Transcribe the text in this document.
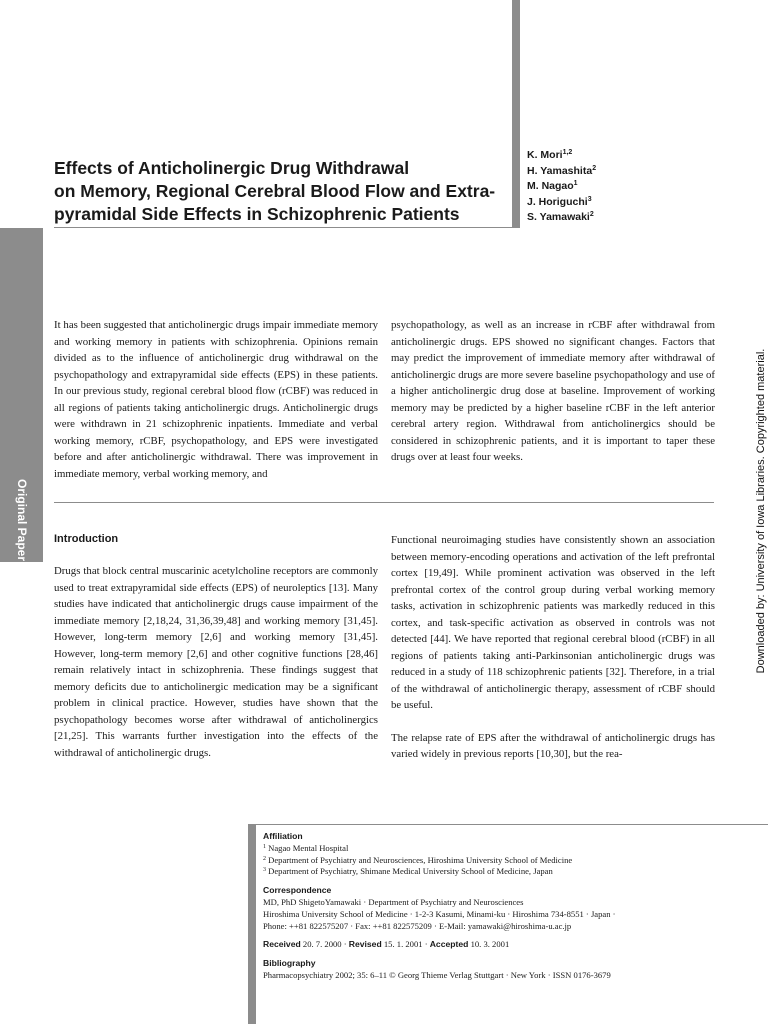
Original Paper
6
Effects of Anticholinergic Drug Withdrawal
on Memory, Regional Cerebral Blood Flow and Extra-
pyramidal Side Effects in Schizophrenic Patients
K. Mori$^{1,2}$
H. Yamashita$^2$
M. Nagao$^1$
J. Horiguchi$^3$
S. Yamawaki$^2$

It has been suggested that anticholinergic drugs impair immediate memory and working memory in patients with schizophrenia. Opinions remain divided as to the influence of anticholinergic drug withdrawal on the psychopathology and extrapyramidal side effects (EPS) in these patients. In our previous study, regional cerebral blood flow (rCBF) was reduced in all regions of patients taking anticholinergic drugs. Anticholinergic drugs were withdrawn in 21 schizophrenic inpatients. Immediate and verbal working memory, rCBF, psychopathology, and EPS were investigated before and after anticholinergic withdrawal. There was improvement in immediate memory, verbal working memory, and

psychopathology, as well as an increase in rCBF after withdrawal from anticholinergic drugs. EPS showed no significant changes. Factors that may predict the improvement of immediate memory after withdrawal of anticholinergic drugs are more severe baseline psychopathology and use of a higher anticholinergic drug dose at baseline. Improvement of working memory may be predicted by a higher baseline rCBF in the left anterior cerebral artery region. Withdrawal from anticholinergics should be considered in schizophrenic patients, and it is important to taper these drugs over at least four weeks.

Introduction

Drugs that block central muscarinic acetylcholine receptors are commonly used to treat extrapyramidal side effects (EPS) of neuroleptics [13]. Many studies have indicated that anticholinergic drugs cause impairment of the immediate memory [2,18,24, 31,36,39,48] and working memory [31,45]. However, long-term memory [2,6] and working memory [31,45]. However, long-term memory [2,6] and other cognitive functions [28,46] remain relatively intact in schizophrenia. These findings suggest that memory deficits due to anticholinergic medication may be a significant problem in clinical practice. However, studies have shown that the psychopathology becomes worse after withdrawal of anticholinergics [21,25]. This warrants further investigation into the effects of the withdrawal of anticholinergic drugs.

Functional neuroimaging studies have consistently shown an association between memory-encoding operations and activation of the left prefrontal cortex [19,49]. While prominent activation was observed in the left prefrontal cortex of the control group during verbal working memory tasks, activation in schizophrenic patients was markedly reduced in this cortex, and task-specific activation as observed in controls was not detected [44]. We have reported that regional cerebral blood (rCBF) in all regions of patients taking anti-Parkinsonian anticholinergic drugs was reduced in a study of 118 schizophrenic patients [32]. Therefore, in a trial of the withdrawal of anticholinergic therapy, assessment of rCBF should be useful.

The relapse rate of EPS after the withdrawal of anticholinergic drugs has varied widely in previous reports [10,30], but the rea-

Downloaded by: University of Iowa Libraries. Copyrighted material.
Affiliation
$^1$ Nagao Mental Hospital
$^2$ Department of Psychiatry and Neurosciences, Hiroshima University School of Medicine
$^3$ Department of Psychiatry, Shimane Medical University School of Medicine, Japan
Correspondence
MD, PhD ShigetoYamawaki · Department of Psychiatry and Neurosciences
Hiroshima University School of Medicine · 1-2-3 Kasumi, Minami-ku · Hiroshima 734-8551 · Japan ·
Phone: ++81 822575207 · Fax: ++81 822575209 · E-Mail: yamawaki@hiroshima-u.ac.jp
Received 20. 7. 2000 · Revised 15. 1. 2001 · Accepted 10. 3. 2001
Bibliography
Pharmacopsychiatry 2002; 35: 6–11 © Georg Thieme Verlag Stuttgart · New York · ISSN 0176-3679
